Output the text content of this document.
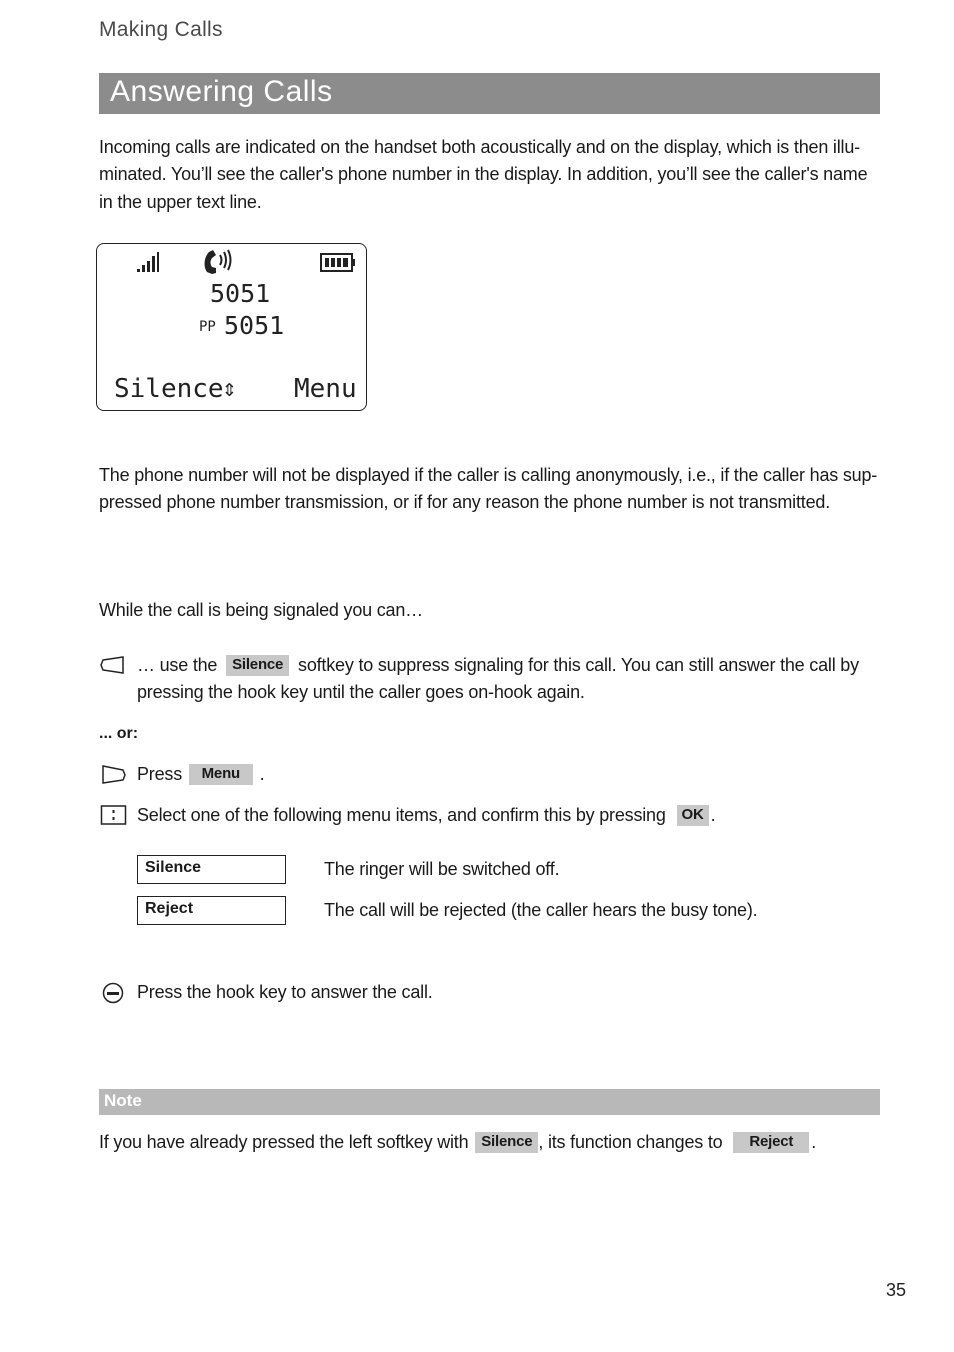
Making Calls
Answering Calls
Incoming calls are indicated on the handset both acoustically and on the display, which is then illu-
minated. You’ll see the caller's phone number in the display. In addition, you’ll see the caller's name
in the upper text line.
5051
PP 5051
Silence
⇕ Menu
The phone number will not be displayed if the caller is calling anonymously, i.e., if the caller has sup-
pressed phone number transmission, or if for any reason the phone number is not transmitted.
While the call is being signaled you can…
… use the Silence softkey to suppress signaling for this call. You can still answer the call by
pressing the hook key until the caller goes on-hook again.
... or:
Press Menu .
Select one of the following menu items, and confirm this by pressing OK .
Silence	The ringer will be switched off.
Reject	The call will be rejected (the caller hears the busy tone).
Press the hook key to answer the call.
Note
If you have already pressed the left softkey with Silence , its function changes to Reject .
35
